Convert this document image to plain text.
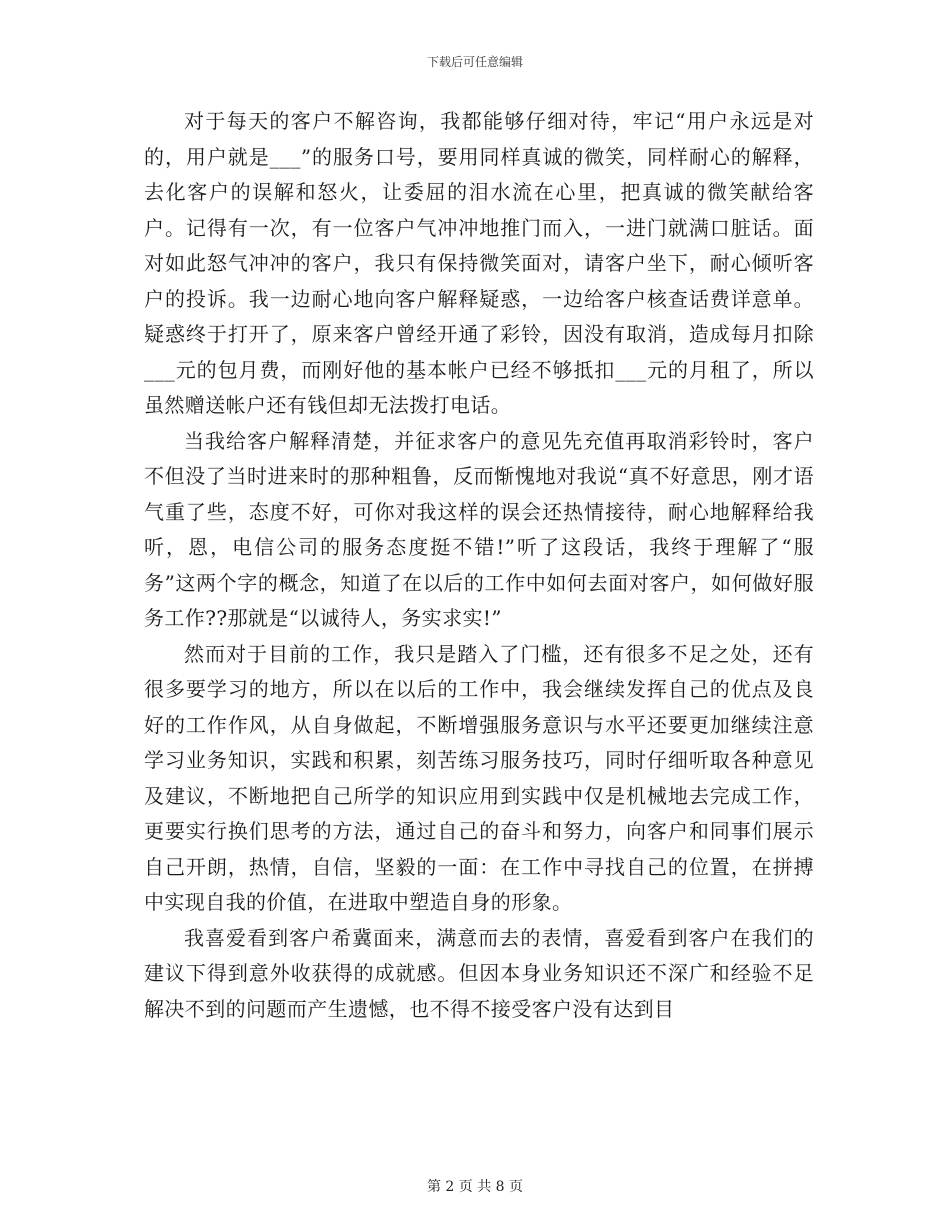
下载后可任意编辑

对于每天的客户不解咨询，我都能够仔细对待，牢记“用户永远是对的，用户就是___”的服务口号，要用同样真诚的微笑，同样耐心的解释，去化客户的误解和怒火，让委屈的泪水流在心里，把真诚的微笑献给客户。记得有一次，有一位客户气冲冲地推门而入，一进门就满口脏话。面对如此怒气冲冲的客户，我只有保持微笑面对，请客户坐下，耐心倾听客户的投诉。我一边耐心地向客户解释疑惑，一边给客户核查话费详意单。疑惑终于打开了，原来客户曾经开通了彩铃，因没有取消，造成每月扣除___元的包月费，而刚好他的基本帐户已经不够抵扣___元的月租了，所以虽然赠送帐户还有钱但却无法拨打电话。

当我给客户解释清楚，并征求客户的意见先充值再取消彩铃时，客户不但没了当时进来时的那种粗鲁，反而惭愧地对我说“真不好意思，刚才语气重了些，态度不好，可你对我这样的误会还热情接待，耐心地解释给我听，恩，电信公司的服务态度挺不错!”听了这段话，我终于理解了“服务”这两个字的概念，知道了在以后的工作中如何去面对客户，如何做好服务工作??那就是“以诚待人，务实求实!”

然而对于目前的工作，我只是踏入了门槛，还有很多不足之处，还有很多要学习的地方，所以在以后的工作中，我会继续发挥自己的优点及良好的工作作风，从自身做起，不断增强服务意识与水平还要更加继续注意学习业务知识，实践和积累，刻苦练习服务技巧，同时仔细听取各种意见及建议，不断地把自己所学的知识应用到实践中仅是机械地去完成工作，更要实行换们思考的方法，通过自己的奋斗和努力，向客户和同事们展示自己开朗，热情，自信，坚毅的一面：在工作中寻找自己的位置，在拼搏中实现自我的价值，在进取中塑造自身的形象。

我喜爱看到客户希冀面来，满意而去的表情，喜爱看到客户在我们的建议下得到意外收获得的成就感。但因本身业务知识还不深广和经验不足解决不到的问题而产生遗憾，也不得不接受客户没有达到目

第 2 页 共 8 页
